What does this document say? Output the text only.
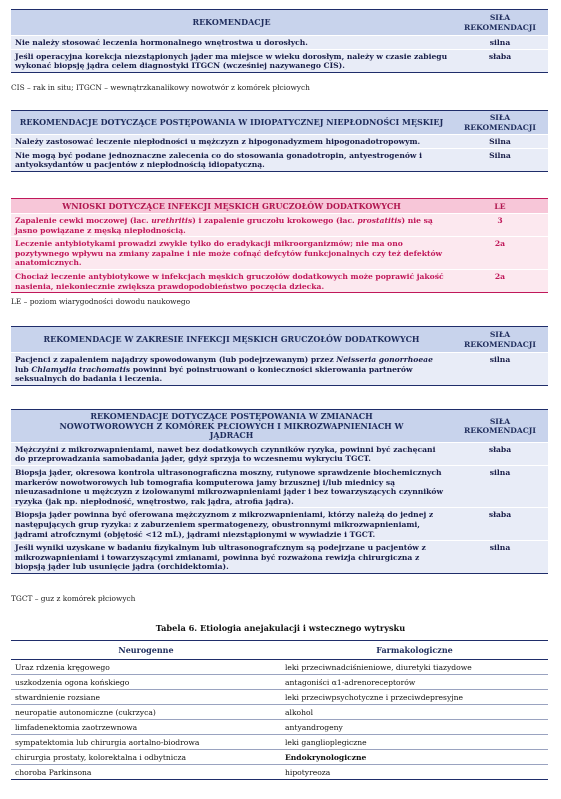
REKOMENDACJE	SIŁA REKOMENDACJI
Nie należy stosować leczenia hormonalnego wnętrostwa u dorosłych.	silna
Jeśli operacyjna korekcja niezstąpionych jąder ma miejsce w wieku dorosłym, należy w czasie zabiegu wykonać biopsję jądra celem diagnostyki ITGCN (wcześniej nazywanego CIS).	słaba
CIS – rak in situ; ITGCN – wewnątrzkanalikowy nowotwór z komórek płciowych
REKOMENDACJE DOTYCZĄCE POSTĘPOWANIA W IDIOPATYCZNEJ NIEPŁODNOŚCI MĘSKIEJ	SIŁA REKOMENDACJI
Należy zastosować leczenie niepłodności u mężczyzn z hipogonadyzmem hipogonadotropowym.	Silna
Nie mogą być podane jednoznaczne zalecenia co do stosowania gonadotropin, antyestrogenów i antyoksydantów u pacjentów z niepłodnością idiopatyczną.	Silna
WNIOSKI DOTYCZĄCE INFEKCJI MĘSKICH GRUCZOŁÓW DODATKOWYCH	LE
Zapalenie cewki moczowej (łac. urethritis) i zapalenie gruczołu krokowego (łac. prostatitis) nie są jasno powiązane z męską niepłodnością.	3
Leczenie antybiotykami prowadzi zwykle tylko do eradykacji mikroorganizmów; nie ma ono pozytywnego wpływu na zmiany zapalne i nie może cofnąć defcytów funkcjonalnych czy też defektów anatomicznych.	2a
Chociaż leczenie antybiotykowe w infekcjach męskich gruczołów dodatkowych może poprawić jakość nasienia, niekoniecznie zwiększa prawdopodobieństwo poczęcia dziecka.	2a
LE – poziom wiarygodności dowodu naukowego
REKOMENDACJE W ZAKRESIE INFEKCJI MĘSKICH GRUCZOŁÓW DODATKOWYCH	SIŁA REKOMENDACJI
Pacjenci z zapaleniem najądrzy spowodowanym (lub podejrzewanym) przez Neisseria gonorrhoeae lub Chlamydia trachomatis powinni być poinstruowani o konieczności skierowania partnerów seksualnych do badania i leczenia.	silna
REKOMENDACJE DOTYCZĄCE POSTĘPOWANIA W ZMIANACH NOWOTWOROWYCH Z KOMÓREK PŁCIOWYCH I MIKROZWAPNIENIACH W JĄDRACH	SIŁA REKOMENDACJI
Mężczyźni z mikrozwapnieniami, nawet bez dodatkowych czynników ryzyka, powinni być zachęcani do przeprowadzania samobadania jąder, gdyż sprzyja to wczesnemu wykryciu TGCT.	słaba
Biopsja jąder, okresowa kontrola ultrasonograficzna moszny, rutynowe sprawdzenie biochemicznych markerów nowotworowych lub tomografia komputerowa jamy brzusznej i/lub miednicy są nieuzasadnione u mężczyzn z izolowanymi mikrozwapnieniami jąder i bez towarzyszących czynników ryzyka (jak np. niepłodność, wnętrostwo, rak jądra, atrofia jądra).	silna
Biopsja jąder powinna być oferowana mężczyznom z mikrozwapnieniami, którzy należą do jednej z następujących grup ryzyka: z zaburzeniem spermatogenezy, obustronnymi mikrozwapnieniami, jądrami atrofcznymi (objętość <12 mL), jądrami niezstąpionymi w wywiadzie i TGCT.	słaba
Jeśli wyniki uzyskane w badaniu fizykalnym lub ultrasonografcznym są podejrzane u pacjentów z mikrozwapnieniami i towarzyszącymi zmianami, powinna być rozważona rewizja chirurgiczna z biopsją jąder lub usunięcie jądra (orchidektomia).	silna
TGCT – guz z komórek płciowych
Tabela 6. Etiologia anejakulacji i wstecznego wytrysku
Neurogenne	Farmakologiczne
Uraz rdzenia kręgowego	leki przeciwnadciśnieniowe, diuretyki tiazydowe
uszkodzenia ogona końskiego	antagoniści α1-adrenoreceptorów
stwardnienie rozsiane	leki przeciwpsychotyczne i przeciwdepresyjne
neuropatie autonomiczne (cukrzyca)	alkohol
limfadenektomia zaotrzewnowa	antyandrogeny
sympatektomia lub chirurgia aortalno-biodrowa	leki ganglioplegiczne
chirurgia prostaty, kolorektalna i odbytnicza	Endokrynologiczne
choroba Parkinsona	hipotyreoza
